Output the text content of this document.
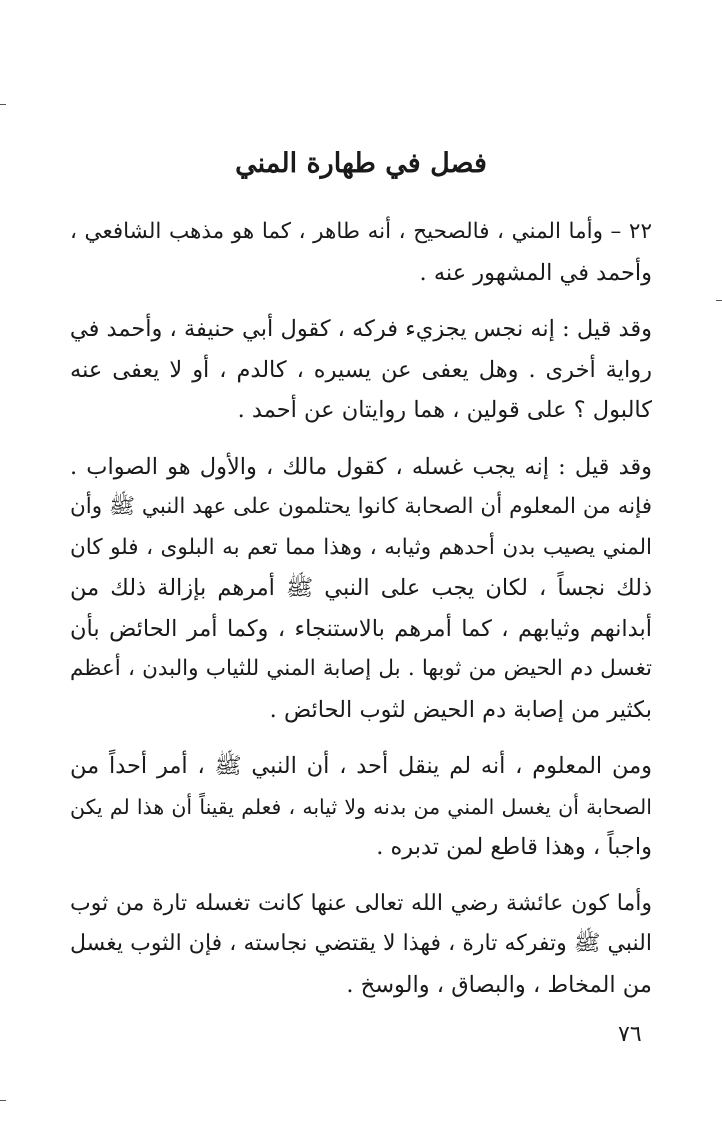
فصل في طهارة المني
٢٢ – وأما المني ، فالصحيح ، أنه طاهر ، كما هو مذهب الشافعي ،
وأحمد في المشهور عنه .
وقد قيل : إنه نجس يجزيء فركه ، كقول أبي حنيفة ، وأحمد في
رواية أخرى . وهل يعفى عن يسيره ، كالدم ، أو لا يعفى عنه
كالبول ؟ على قولين ، هما روايتان عن أحمد .
وقد قيل : إنه يجب غسله ، كقول مالك ، والأول هو الصواب .
فإنه من المعلوم أن الصحابة كانوا يحتلمون على عهد النبي ﷺ وأن
المني يصيب بدن أحدهم وثيابه ، وهذا مما تعم به البلوى ، فلو كان
ذلك نجساً ، لكان يجب على النبي ﷺ أمرهم بإزالة ذلك من
أبدانهم وثيابهم ، كما أمرهم بالاستنجاء ، وكما أمر الحائض بأن
تغسل دم الحيض من ثوبها . بل إصابة المني للثياب والبدن ، أعظم
بكثير من إصابة دم الحيض لثوب الحائض .
ومن المعلوم ، أنه لم ينقل أحد ، أن النبي ﷺ ، أمر أحداً من
الصحابة أن يغسل المني من بدنه ولا ثيابه ، فعلم يقيناً أن هذا لم يكن
واجباً ، وهذا قاطع لمن تدبره .
وأما كون عائشة رضي الله تعالى عنها كانت تغسله تارة من ثوب
النبي ﷺ وتفركه تارة ، فهذا لا يقتضي نجاسته ، فإن الثوب يغسل
من المخاط ، والبصاق ، والوسخ .
٧٦
